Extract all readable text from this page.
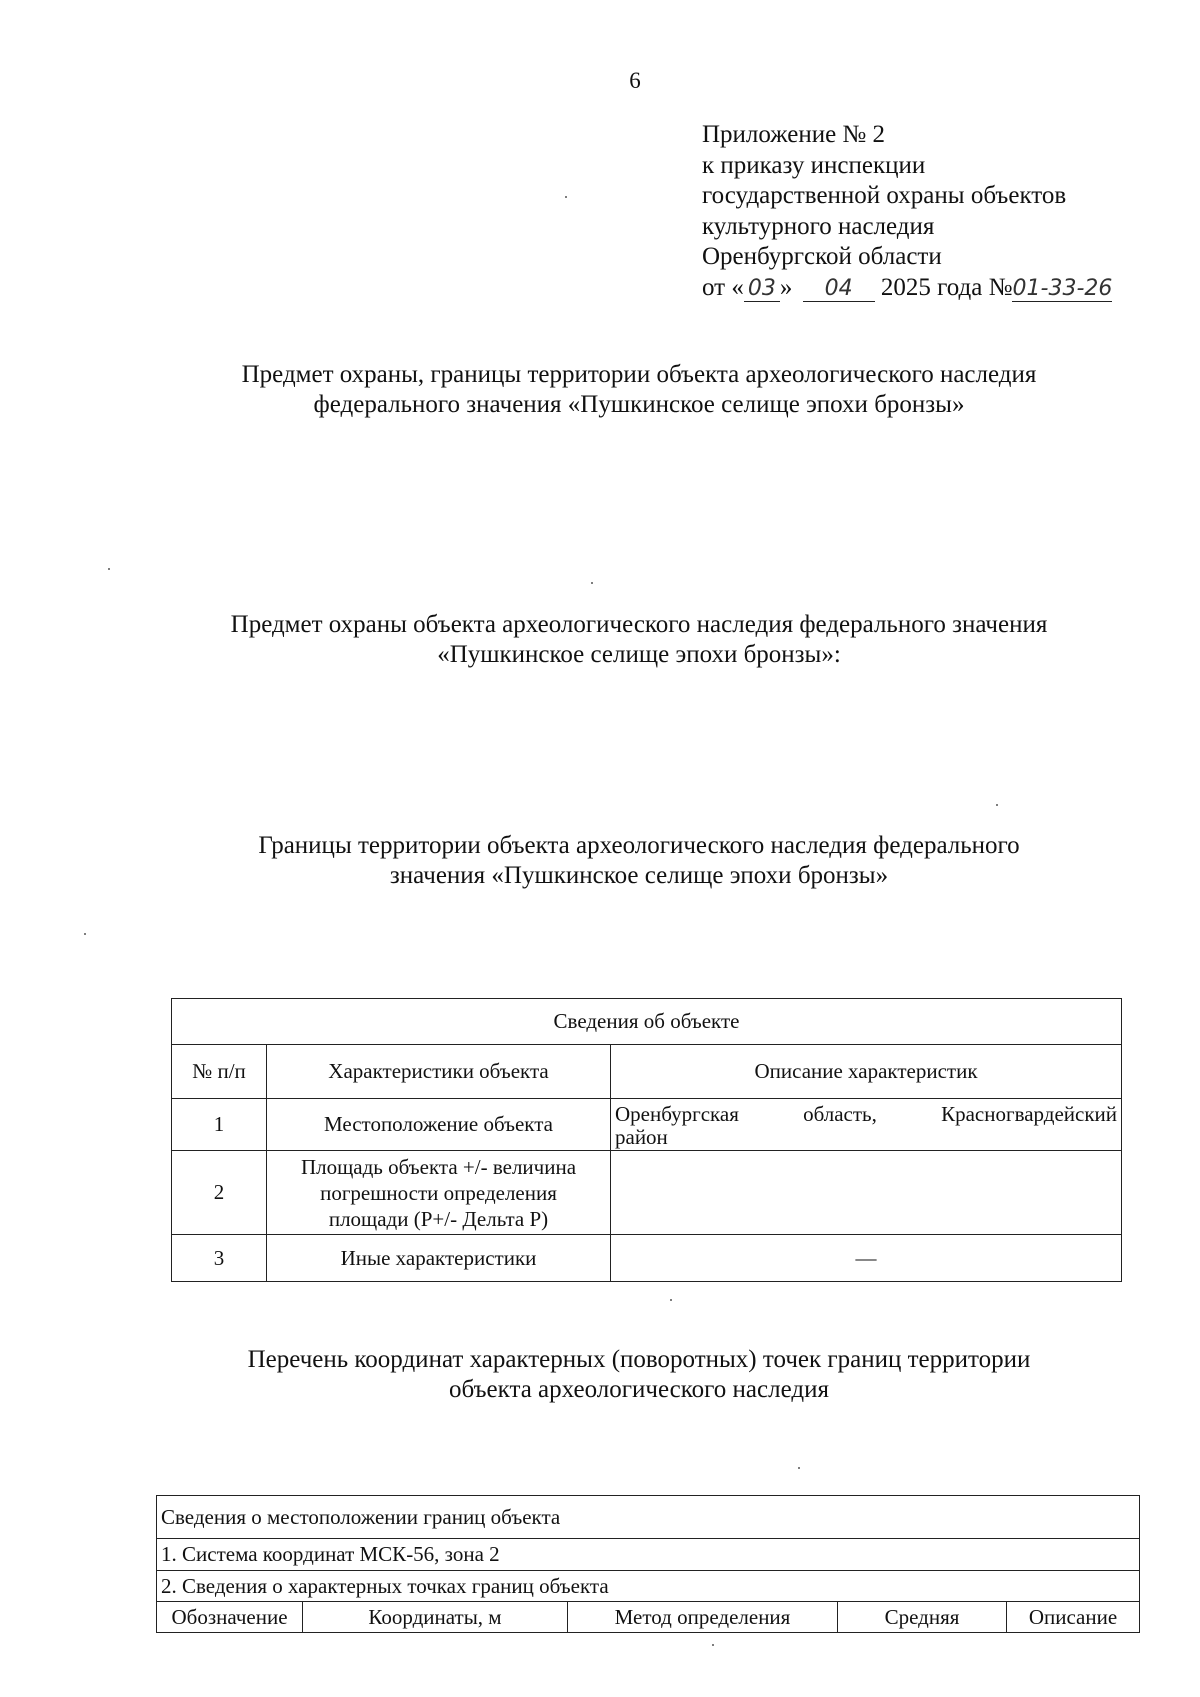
6
Приложение № 2
к приказу инспекции
государственной охраны объектов
культурного наследия
Оренбургской области
от « 03 » 04 2025 года №01-33-26
Предмет охраны, границы территории объекта археологического наследия
федерального значения «Пушкинское селище эпохи бронзы»
Предмет охраны объекта археологического наследия федерального значения
«Пушкинское селище эпохи бронзы»:
Границы территории объекта археологического наследия федерального
значения «Пушкинское селище эпохи бронзы»
Сведения об объекте		
№ п/п	Характеристики объекта	Описание характеристик
1	Местоположение объекта	Оренбургская область, Красногвардейский
район

2	Площадь объекта +/- величина
погрешности определения
площади (Р+/- Дельта Р)	

3	Иные характеристики	—
Перечень координат характерных (поворотных) точек границ территории
объекта археологического наследия
Сведения о местоположении границ объекта
1. Система координат МСК-56, зона 2
2. Сведения о характерных точках границ объекта
Обозначение	Координаты, м	Метод определения	Средняя	Описание
